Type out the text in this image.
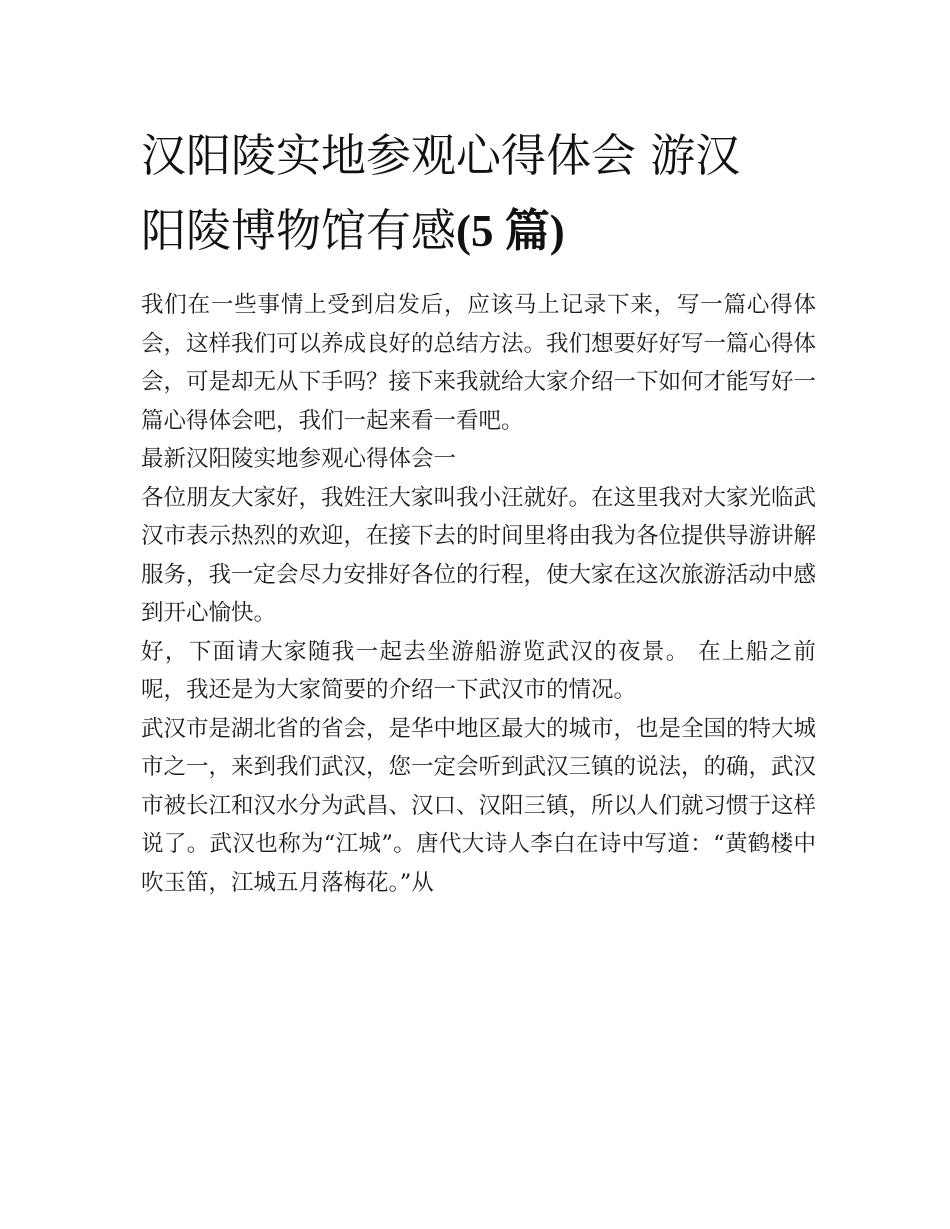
汉阳陵实地参观心得体会 游汉
阳陵博物馆有感(5 篇)

我们在一些事情上受到启发后，应该马上记录下来，写一篇心得体会，这样我们可以养成良好的总结方法。我们想要好好写一篇心得体会，可是却无从下手吗？接下来我就给大家介绍一下如何才能写好一篇心得体会吧，我们一起来看一看吧。

最新汉阳陵实地参观心得体会一

各位朋友大家好，我姓汪大家叫我小汪就好。在这里我对大家光临武汉市表示热烈的欢迎，在接下去的时间里将由我为各位提供导游讲解服务，我一定会尽力安排好各位的行程，使大家在这次旅游活动中感到开心愉快。

好，下面请大家随我一起去坐游船游览武汉的夜景。 在上船之前呢，我还是为大家简要的介绍一下武汉市的情况。

武汉市是湖北省的省会，是华中地区最大的城市，也是全国的特大城市之一，来到我们武汉，您一定会听到武汉三镇的说法，的确，武汉市被长江和汉水分为武昌、汉口、汉阳三镇，所以人们就习惯于这样说了。武汉也称为“江城”。唐代大诗人李白在诗中写道：“黄鹤楼中吹玉笛，江城五月落梅花。”从
